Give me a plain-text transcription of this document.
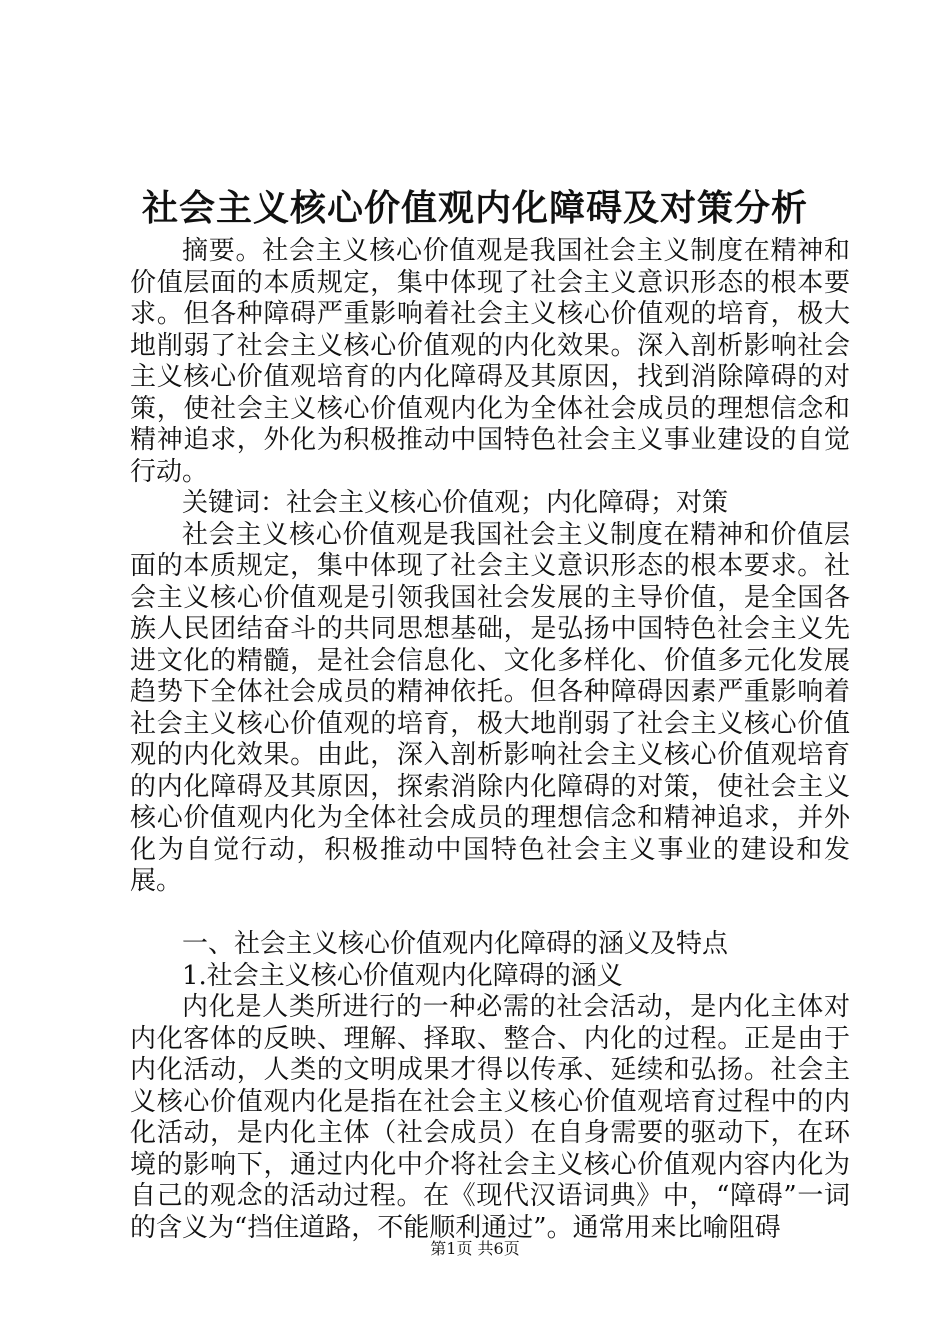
社会主义核心价值观内化障碍及对策分析

摘要。社会主义核心价值观是我国社会主义制度在精神和价值层面的本质规定，集中体现了社会主义意识形态的根本要求。但各种障碍严重影响着社会主义核心价值观的培育，极大地削弱了社会主义核心价值观的内化效果。深入剖析影响社会主义核心价值观培育的内化障碍及其原因，找到消除障碍的对策，使社会主义核心价值观内化为全体社会成员的理想信念和精神追求，外化为积极推动中国特色社会主义事业建设的自觉行动。

关键词：社会主义核心价值观；内化障碍；对策

社会主义核心价值观是我国社会主义制度在精神和价值层面的本质规定，集中体现了社会主义意识形态的根本要求。社会主义核心价值观是引领我国社会发展的主导价值，是全国各族人民团结奋斗的共同思想基础，是弘扬中国特色社会主义先进文化的精髓，是社会信息化、文化多样化、价值多元化发展趋势下全体社会成员的精神依托。但各种障碍因素严重影响着社会主义核心价值观的培育，极大地削弱了社会主义核心价值观的内化效果。由此，深入剖析影响社会主义核心价值观培育的内化障碍及其原因，探索消除内化障碍的对策，使社会主义核心价值观内化为全体社会成员的理想信念和精神追求，并外化为自觉行动，积极推动中国特色社会主义事业的建设和发展。

一、社会主义核心价值观内化障碍的涵义及特点

1.社会主义核心价值观内化障碍的涵义

内化是人类所进行的一种必需的社会活动，是内化主体对内化客体的反映、理解、择取、整合、内化的过程。正是由于内化活动，人类的文明成果才得以传承、延续和弘扬。社会主义核心价值观内化是指在社会主义核心价值观培育过程中的内化活动，是内化主体（社会成员）在自身需要的驱动下，在环境的影响下，通过内化中介将社会主义核心价值观内容内化为自己的观念的活动过程。在《现代汉语词典》中，“障碍”一词的含义为“挡住道路，不能顺利通过”。通常用来比喻阻碍

第1页 共6页
